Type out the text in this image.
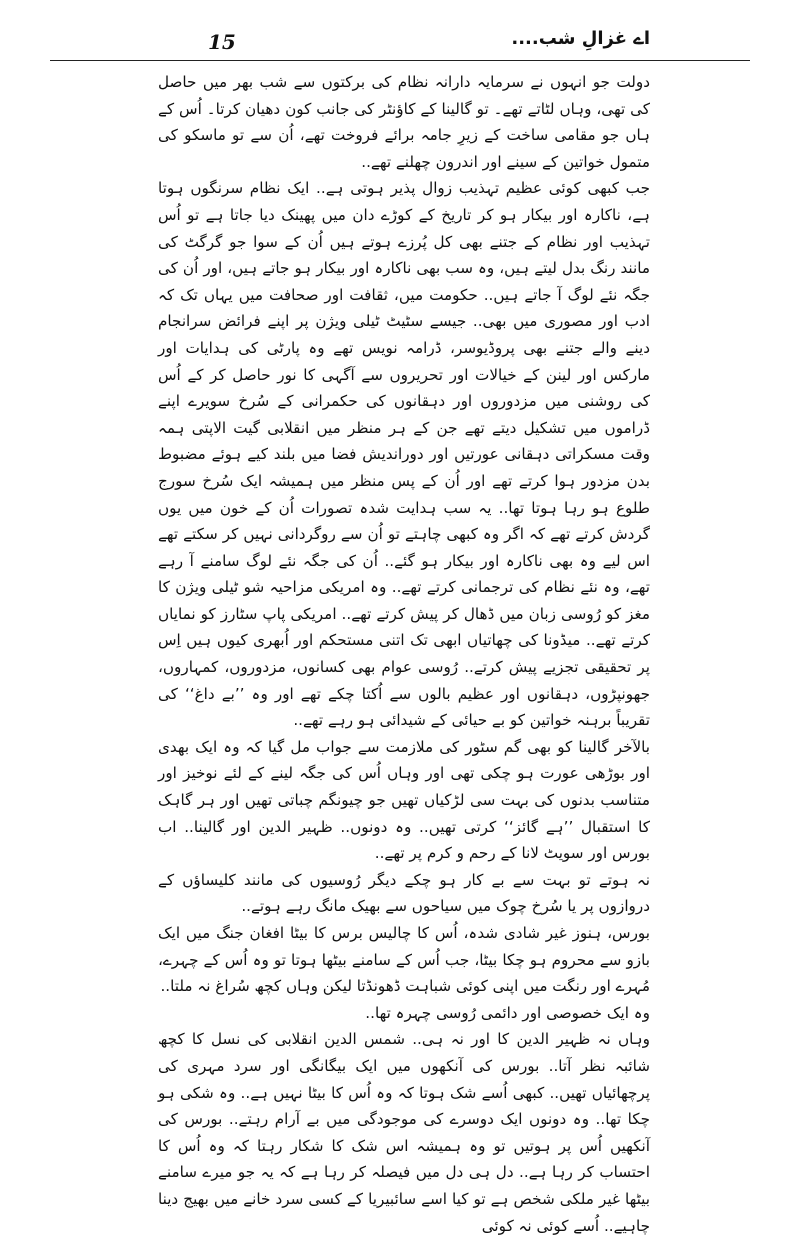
15	اے غزالِ شب....

دولت جو انہوں نے سرمایہ دارانہ نظام کی برکتوں سے شب بھر میں حاصل کی تھی، وہاں لٹاتے تھے۔ تو گالینا کے کاؤنٹر کی جانب کون دھیان کرتا۔ اُس کے ہاں جو مقامی ساخت کے زیرِ جامہ برائے فروخت تھے، اُن سے تو ماسکو کی متمول خواتین کے سینے اور اندرون چھلنے تھے..

جب کبھی کوئی عظیم تہذیب زوال پذیر ہوتی ہے.. ایک نظام سرنگوں ہوتا ہے، ناکارہ اور بیکار ہو کر تاریخ کے کوڑے دان میں پھینک دیا جاتا ہے تو اُس تہذیب اور نظام کے جتنے بھی کل پُرزے ہوتے ہیں اُن کے سوا جو گرگٹ کی مانند رنگ بدل لیتے ہیں، وہ سب بھی ناکارہ اور بیکار ہو جاتے ہیں، اور اُن کی جگہ نئے لوگ آ جاتے ہیں.. حکومت میں، ثقافت اور صحافت میں یہاں تک کہ ادب اور مصوری میں بھی.. جیسے سٹیٹ ٹیلی ویژن پر اپنے فرائض سرانجام دینے والے جتنے بھی پروڈیوسر، ڈرامہ نویس تھے وہ پارٹی کی ہدایات اور مارکس اور لینن کے خیالات اور تحریروں سے آگہی کا نور حاصل کر کے اُس کی روشنی میں مزدوروں اور دہقانوں کی حکمرانی کے سُرخ سویرے اپنے ڈراموں میں تشکیل دیتے تھے جن کے ہر منظر میں انقلابی گیت الاپتی ہمہ وقت مسکراتی دہقانی عورتیں اور دوراندیش فضا میں بلند کیے ہوئے مضبوط بدن مزدور ہوا کرتے تھے اور اُن کے پس منظر میں ہمیشہ ایک سُرخ سورج طلوع ہو رہا ہوتا تھا.. یہ سب ہدایت شدہ تصورات اُن کے خون میں یوں گردش کرتے تھے کہ اگر وہ کبھی چاہتے تو اُن سے روگردانی نہیں کر سکتے تھے اس لیے وہ بھی ناکارہ اور بیکار ہو گئے.. اُن کی جگہ نئے لوگ سامنے آ رہے تھے، وہ نئے نظام کی ترجمانی کرتے تھے.. وہ امریکی مزاحیہ شو ٹیلی ویژن کا مغز کو رُوسی زبان میں ڈھال کر پیش کرتے تھے.. امریکی پاپ سٹارز کو نمایاں کرتے تھے.. میڈونا کی چھاتیاں ابھی تک اتنی مستحکم اور اُبھری کیوں ہیں اِس پر تحقیقی تجزیے پیش کرتے.. رُوسی عوام بھی کسانوں، مزدوروں، کمہاروں، جھونپڑوں، دہقانوں اور عظیم بالوں سے اُکتا چکے تھے اور وہ ’’بے داغ‘‘ کی تقریباً برہنہ خواتین کو بے حیائی کے شیدائی ہو رہے تھے..

بالآخر گالینا کو بھی گم سٹور کی ملازمت سے جواب مل گیا کہ وہ ایک بھدی اور بوڑھی عورت ہو چکی تھی اور وہاں اُس کی جگہ لینے کے لئے نوخیز اور متناسب بدنوں کی بہت سی لڑکیاں تھیں جو چیونگم چباتی تھیں اور ہر گاہک کا استقبال ’’ہے گائز‘‘ کرتی تھیں.. وہ دونوں.. ظہیر الدین اور گالینا.. اب بورس اور سویٹ لانا کے رحم و کرم پر تھے..

نہ ہوتے تو بہت سے بے کار ہو چکے دیگر رُوسیوں کی مانند کلیساؤں کے دروازوں پر یا سُرخ چوک میں سیاحوں سے بھیک مانگ رہے ہوتے..

بورس، ہنوز غیر شادی شدہ، اُس کا چالیس برس کا بیٹا افغان جنگ میں ایک بازو سے محروم ہو چکا بیٹا، جب اُس کے سامنے بیٹھا ہوتا تو وہ اُس کے چہرے، مُہرے اور رنگت میں اپنی کوئی شباہت ڈھونڈتا لیکن وہاں کچھ سُراغ نہ ملتا..

وہ ایک خصوصی اور دائمی رُوسی چہرہ تھا..

وہاں نہ ظہیر الدین کا اور نہ ہی.. شمس الدین انقلابی کی نسل کا کچھ شائبہ نظر آتا.. بورس کی آنکھوں میں ایک بیگانگی اور سرد مہری کی پرچھائیاں تھیں.. کبھی اُسے شک ہوتا کہ وہ اُس کا بیٹا نہیں ہے.. وہ شکی ہو چکا تھا.. وہ دونوں ایک دوسرے کی موجودگی میں بے آرام رہتے.. بورس کی آنکھیں اُس پر ہوتیں تو وہ ہمیشہ اس شک کا شکار رہتا کہ وہ اُس کا احتساب کر رہا ہے.. دل ہی دل میں فیصلہ کر رہا ہے کہ یہ جو میرے سامنے بیٹھا غیر ملکی شخص ہے تو کیا اسے سائبیریا کے کسی سرد خانے میں بھیج دینا چاہیے.. اُسے کوئی نہ کوئی
